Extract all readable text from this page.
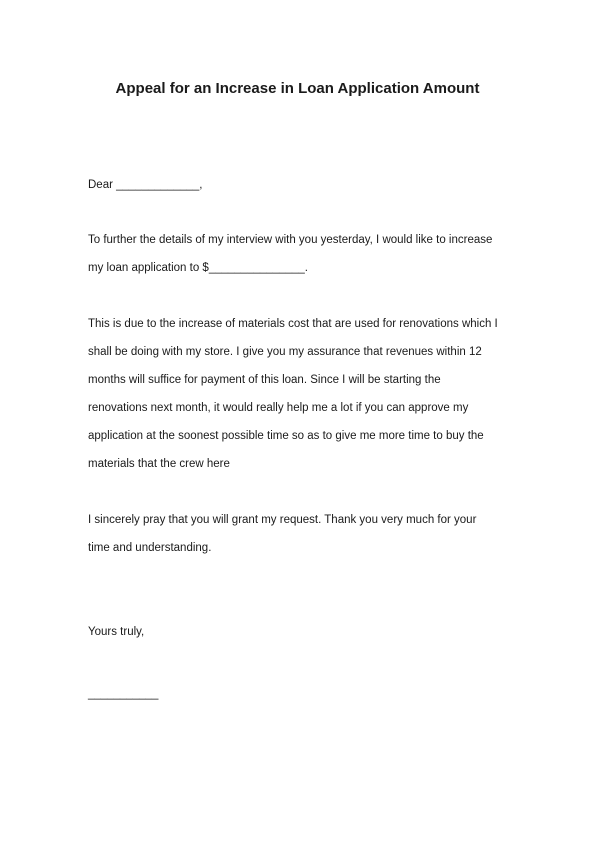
Appeal for an Increase in Loan Application Amount
Dear _____________,
To further the details of my interview with you yesterday, I would like to increase
my loan application to $_______________.
This is due to the increase of materials cost that are used for renovations which I
shall be doing with my store. I give you my assurance that revenues within 12
months will suffice for payment of this loan. Since I will be starting the
renovations next month, it would really help me a lot if you can approve my
application at the soonest possible time so as to give me more time to buy the
materials that the crew here
I sincerely pray that you will grant my request. Thank you very much for your
time and understanding.
Yours truly,
___________
